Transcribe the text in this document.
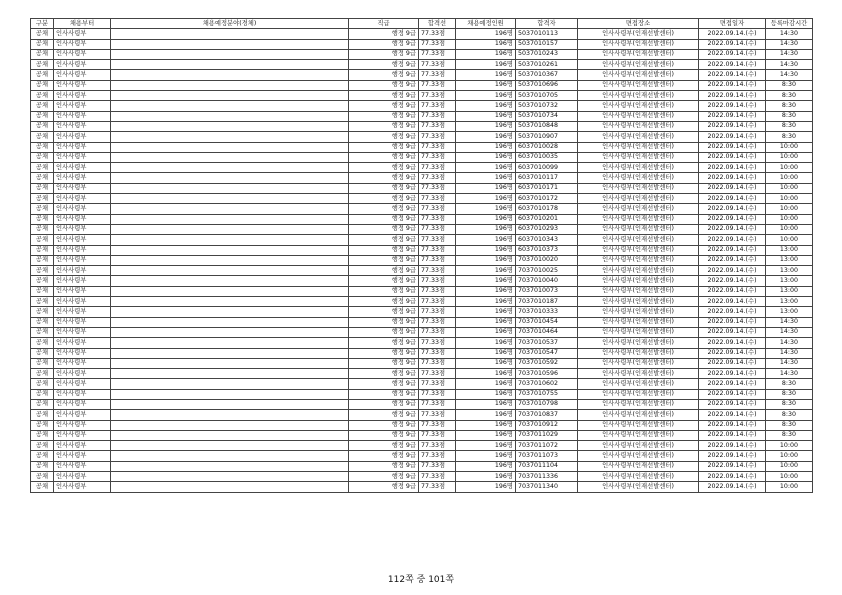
구분	채용부터	채용예정분야(경체)	직급	합격선	채용예정인원	합격자	면접장소	면접일자	등록마감시간
공채	인사사령부		행정 9급	77.33점	196명	5037010113	인사사령부(인재선발센터)	2022.09.14.(수)	14:30
공채	인사사령부		행정 9급	77.33점	196명	5037010157	인사사령부(인재선발센터)	2022.09.14.(수)	14:30
공채	인사사령부		행정 9급	77.33점	196명	5037010243	인사사령부(인재선발센터)	2022.09.14.(수)	14:30
공채	인사사령부		행정 9급	77.33점	196명	5037010261	인사사령부(인재선발센터)	2022.09.14.(수)	14:30
공채	인사사령부		행정 9급	77.33점	196명	5037010367	인사사령부(인재선발센터)	2022.09.14.(수)	14:30
공채	인사사령부		행정 9급	77.33점	196명	5037010696	인사사령부(인재선발센터)	2022.09.14.(수)	8:30
공채	인사사령부		행정 9급	77.33점	196명	5037010705	인사사령부(인재선발센터)	2022.09.14.(수)	8:30
공채	인사사령부		행정 9급	77.33점	196명	5037010732	인사사령부(인재선발센터)	2022.09.14.(수)	8:30
공채	인사사령부		행정 9급	77.33점	196명	5037010734	인사사령부(인재선발센터)	2022.09.14.(수)	8:30
공채	인사사령부		행정 9급	77.33점	196명	5037010848	인사사령부(인재선발센터)	2022.09.14.(수)	8:30
공채	인사사령부		행정 9급	77.33점	196명	5037010907	인사사령부(인재선발센터)	2022.09.14.(수)	8:30
공채	인사사령부		행정 9급	77.33점	196명	6037010028	인사사령부(인재선발센터)	2022.09.14.(수)	10:00
공채	인사사령부		행정 9급	77.33점	196명	6037010035	인사사령부(인재선발센터)	2022.09.14.(수)	10:00
공채	인사사령부		행정 9급	77.33점	196명	6037010099	인사사령부(인재선발센터)	2022.09.14.(수)	10:00
공채	인사사령부		행정 9급	77.33점	196명	6037010117	인사사령부(인재선발센터)	2022.09.14.(수)	10:00
공채	인사사령부		행정 9급	77.33점	196명	6037010171	인사사령부(인재선발센터)	2022.09.14.(수)	10:00
공채	인사사령부		행정 9급	77.33점	196명	6037010172	인사사령부(인재선발센터)	2022.09.14.(수)	10:00
공채	인사사령부		행정 9급	77.33점	196명	6037010178	인사사령부(인재선발센터)	2022.09.14.(수)	10:00
공채	인사사령부		행정 9급	77.33점	196명	6037010201	인사사령부(인재선발센터)	2022.09.14.(수)	10:00
공채	인사사령부		행정 9급	77.33점	196명	6037010293	인사사령부(인재선발센터)	2022.09.14.(수)	10:00
공채	인사사령부		행정 9급	77.33점	196명	6037010343	인사사령부(인재선발센터)	2022.09.14.(수)	10:00
공채	인사사령부		행정 9급	77.33점	196명	6037010373	인사사령부(인재선발센터)	2022.09.14.(수)	13:00
공채	인사사령부		행정 9급	77.33점	196명	7037010020	인사사령부(인재선발센터)	2022.09.14.(수)	13:00
공채	인사사령부		행정 9급	77.33점	196명	7037010025	인사사령부(인재선발센터)	2022.09.14.(수)	13:00
공채	인사사령부		행정 9급	77.33점	196명	7037010040	인사사령부(인재선발센터)	2022.09.14.(수)	13:00
공채	인사사령부		행정 9급	77.33점	196명	7037010073	인사사령부(인재선발센터)	2022.09.14.(수)	13:00
공채	인사사령부		행정 9급	77.33점	196명	7037010187	인사사령부(인재선발센터)	2022.09.14.(수)	13:00
공채	인사사령부		행정 9급	77.33점	196명	7037010333	인사사령부(인재선발센터)	2022.09.14.(수)	13:00
공채	인사사령부		행정 9급	77.33점	196명	7037010454	인사사령부(인재선발센터)	2022.09.14.(수)	14:30
공채	인사사령부		행정 9급	77.33점	196명	7037010464	인사사령부(인재선발센터)	2022.09.14.(수)	14:30
공채	인사사령부		행정 9급	77.33점	196명	7037010537	인사사령부(인재선발센터)	2022.09.14.(수)	14:30
공채	인사사령부		행정 9급	77.33점	196명	7037010547	인사사령부(인재선발센터)	2022.09.14.(수)	14:30
공채	인사사령부		행정 9급	77.33점	196명	7037010592	인사사령부(인재선발센터)	2022.09.14.(수)	14:30
공채	인사사령부		행정 9급	77.33점	196명	7037010596	인사사령부(인재선발센터)	2022.09.14.(수)	14:30
공채	인사사령부		행정 9급	77.33점	196명	7037010602	인사사령부(인재선발센터)	2022.09.14.(수)	8:30
공채	인사사령부		행정 9급	77.33점	196명	7037010755	인사사령부(인재선발센터)	2022.09.14.(수)	8:30
공채	인사사령부		행정 9급	77.33점	196명	7037010798	인사사령부(인재선발센터)	2022.09.14.(수)	8:30
공채	인사사령부		행정 9급	77.33점	196명	7037010837	인사사령부(인재선발센터)	2022.09.14.(수)	8:30
공채	인사사령부		행정 9급	77.33점	196명	7037010912	인사사령부(인재선발센터)	2022.09.14.(수)	8:30
공채	인사사령부		행정 9급	77.33점	196명	7037011029	인사사령부(인재선발센터)	2022.09.14.(수)	8:30
공채	인사사령부		행정 9급	77.33점	196명	7037011072	인사사령부(인재선발센터)	2022.09.14.(수)	10:00
공채	인사사령부		행정 9급	77.33점	196명	7037011073	인사사령부(인재선발센터)	2022.09.14.(수)	10:00
공채	인사사령부		행정 9급	77.33점	196명	7037011104	인사사령부(인재선발센터)	2022.09.14.(수)	10:00
공채	인사사령부		행정 9급	77.33점	196명	7037011336	인사사령부(인재선발센터)	2022.09.14.(수)	10:00
공채	인사사령부		행정 9급	77.33점	196명	7037011340	인사사령부(인재선발센터)	2022.09.14.(수)	10:00
112쪽 중 101쪽
